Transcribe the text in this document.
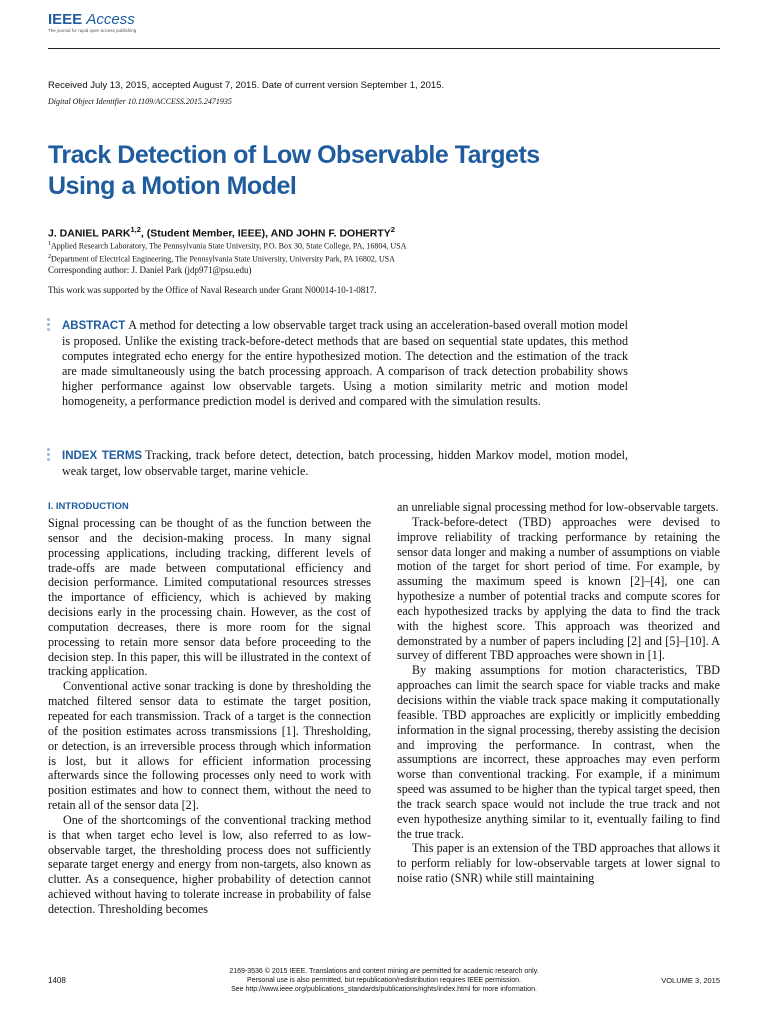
IEEE Access
The journal for rapid open access publishing
Received July 13, 2015, accepted August 7, 2015. Date of current version September 1, 2015.
Digital Object Identifier 10.1109/ACCESS.2015.2471935
Track Detection of Low Observable Targets
Using a Motion Model
J. DANIEL PARK$^{1,2}$, (Student Member, IEEE), AND JOHN F. DOHERTY$^2$
$^1$Applied Research Laboratory, The Pennsylvania State University, P.O. Box 30, State College, PA, 16804, USA
$^2$Department of Electrical Engineering, The Pennsylvania State University, University Park, PA 16802, USA
Corresponding author: J. Daniel Park (jdp971@psu.edu)
This work was supported by the Office of Naval Research under Grant N00014-10-1-0817.
ABSTRACT A method for detecting a low observable target track using an acceleration-based overall motion model is proposed. Unlike the existing track-before-detect methods that are based on sequential state updates, this method computes integrated echo energy for the entire hypothesized motion. The detection and the estimation of the track are made simultaneously using the batch processing approach. A comparison of track detection probability shows higher performance against low observable targets. Using a motion similarity metric and motion model homogeneity, a performance prediction model is derived and compared with the simulation results.
INDEX TERMS Tracking, track before detect, detection, batch processing, hidden Markov model, motion model, weak target, low observable target, marine vehicle.
I. INTRODUCTION

Signal processing can be thought of as the function between the sensor and the decision-making process. In many signal processing applications, including tracking, different levels of trade-offs are made between computational efficiency and decision performance. Limited computational resources stresses the importance of efficiency, which is achieved by making decisions early in the processing chain. However, as the cost of computation decreases, there is more room for the signal processing to retain more sensor data before proceeding to the decision step. In this paper, this will be illustrated in the context of tracking application.

Conventional active sonar tracking is done by thresholding the matched filtered sensor data to estimate the target position, repeated for each transmission. Track of a target is the connection of the position estimates across transmissions [1]. Thresholding, or detection, is an irreversible process through which information is lost, but it allows for efficient information processing afterwards since the following processes only need to work with position estimates and how to connect them, without the need to retain all of the sensor data [2].

One of the shortcomings of the conventional tracking method is that when target echo level is low, also referred to as low-observable target, the thresholding process does not sufficiently separate target energy and energy from non-targets, also known as clutter. As a consequence, higher probability of detection cannot achieved without having to tolerate increase in probability of false detection. Thresholding becomes

an unreliable signal processing method for low-observable targets.

Track-before-detect (TBD) approaches were devised to improve reliability of tracking performance by retaining the sensor data longer and making a number of assumptions on viable motion of the target for short period of time. For example, by assuming the maximum speed is known [2]–[4], one can hypothesize a number of potential tracks and compute scores for each hypothesized tracks by applying the data to find the track with the highest score. This approach was theorized and demonstrated by a number of papers including [2] and [5]–[10]. A survey of different TBD approaches were shown in [1].

By making assumptions for motion characteristics, TBD approaches can limit the search space for viable tracks and make decisions within the viable track space making it computationally feasible. TBD approaches are explicitly or implicitly embedding information in the signal processing, thereby assisting the decision and improving the performance. In contrast, when the assumptions are incorrect, these approaches may even perform worse than conventional tracking. For example, if a minimum speed was assumed to be higher than the typical target speed, then the track search space would not include the true track and not even hypothesize anything similar to it, eventually failing to find the true track.

This paper is an extension of the TBD approaches that allows it to perform reliably for low-observable targets at lower signal to noise ratio (SNR) while still maintaining

1408
2169-3536 © 2015 IEEE. Translations and content mining are permitted for academic research only.
Personal use is also permitted, but republication/redistribution requires IEEE permission.
See http://www.ieee.org/publications_standards/publications/rights/index.html for more information.
VOLUME 3, 2015
